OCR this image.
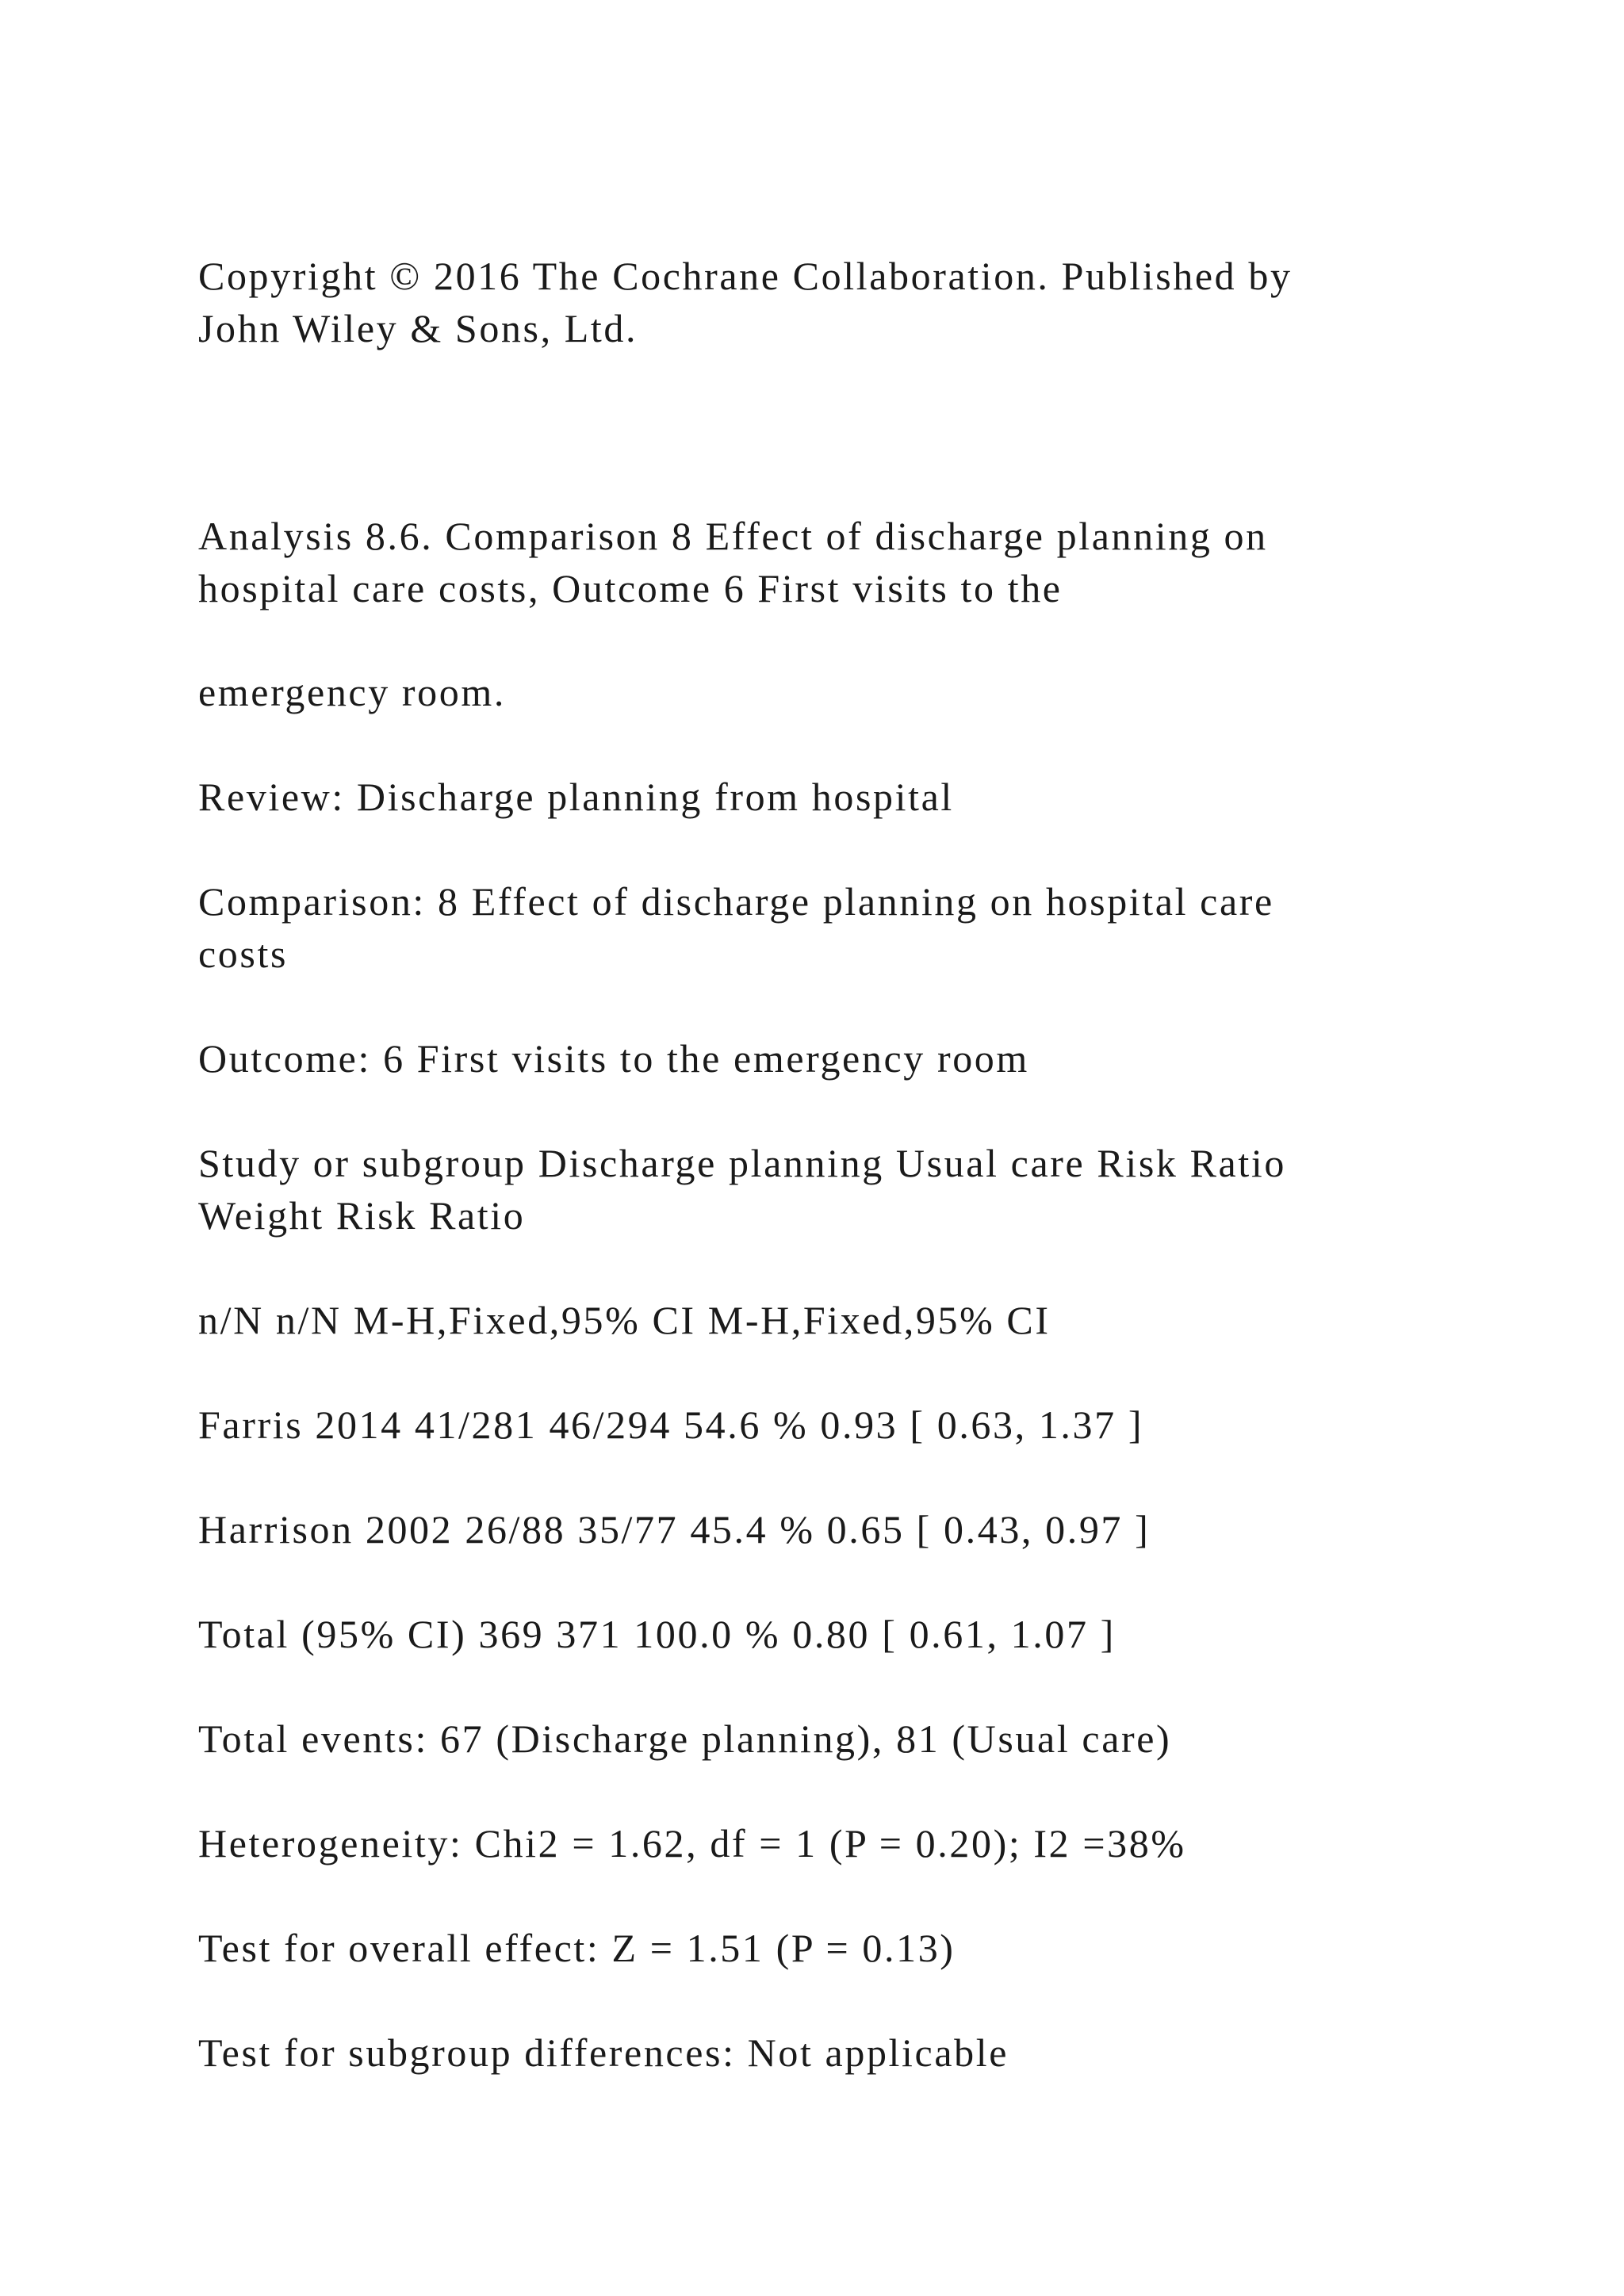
Copyright © 2016 The Cochrane Collaboration. Published by

John Wiley & Sons, Ltd.

Analysis 8.6. Comparison 8 Effect of discharge planning on

hospital care costs, Outcome 6 First visits to the

emergency room.

Review: Discharge planning from hospital

Comparison: 8 Effect of discharge planning on hospital care

costs

Outcome: 6 First visits to the emergency room

Study or subgroup Discharge planning Usual care Risk Ratio

Weight Risk Ratio

n/N n/N M-H,Fixed,95% CI M-H,Fixed,95% CI

Farris 2014 41/281 46/294 54.6 % 0.93 [ 0.63, 1.37 ]

Harrison 2002 26/88 35/77 45.4 % 0.65 [ 0.43, 0.97 ]

Total (95% CI) 369 371 100.0 % 0.80 [ 0.61, 1.07 ]

Total events: 67 (Discharge planning), 81 (Usual care)

Heterogeneity: Chi2 = 1.62, df = 1 (P = 0.20); I2 =38%

Test for overall effect: Z = 1.51 (P = 0.13)

Test for subgroup differences: Not applicable
